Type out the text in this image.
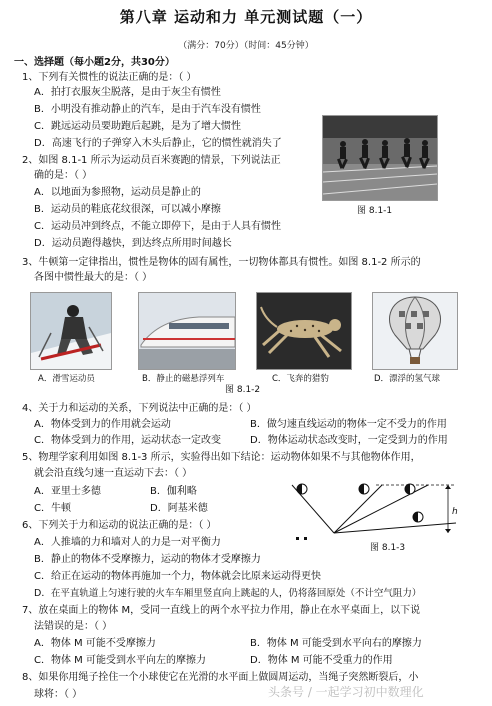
第八章 运动和力 单元测试题（一）
（满分：70分）（时间：45分钟）
一、选择题（每小题2分，共30分）
1、下列有关惯性的说法正确的是：（ ）
A．拍打衣服灰尘脱落，是由于灰尘有惯性
B．小明没有推动静止的汽车，是由于汽车没有惯性
C．跳远运动员要助跑后起跳，是为了增大惯性
D．高速飞行的子弹穿入木头后静止，它的惯性就消失了
图 8.1-1
2、如图 8.1-1 所示为运动员百米赛跑的情景，下列说法正
确的是：（ ）
A．以地面为参照物，运动员是静止的
B．运动员的鞋底花纹很深，可以减小摩擦
C．运动员冲到终点，不能立即停下，是由于人具有惯性
D．运动员跑得越快，到达终点所用时间越长
3、牛顿第一定律指出，惯性是物体的固有属性，一切物体都具有惯性。如图 8.1-2 所示的
各图中惯性最大的是：（ ）
A．滑雪运动员	B．静止的磁悬浮列车	C．飞奔的猎豹	D．漂浮的氢气球
图 8.1-2
4、关于力和运动的关系，下列说法中正确的是：（ ）
A．物体受到力的作用就会运动	B．做匀速直线运动的物体一定不受力的作用
C．物体受到力的作用，运动状态一定改变	D．物体运动状态改变时，一定受到力的作用
5、物理学家利用如图 8.1-3 所示，实验得出如下结论：运动物体如果不与其他物体作用，
就会沿直线匀速一直运动下去：（ ）
A．亚里士多德	B．伽利略
C．牛顿	D．阿基米德	h
图 8.1-3
6、下列关于力和运动的说法正确的是：（ ）
A．人推墙的力和墙对人的力是一对平衡力
B．静止的物体不受摩擦力，运动的物体才受摩擦力
C．给正在运动的物体再施加一个力，物体就会比原来运动得更快
D．在平直轨道上匀速行驶的火车车厢里竖直向上跳起的人，仍将落回原处（不计空气阻力）
7、放在桌面上的物体 M，受同一直线上的两个水平拉力作用，静止在水平桌面上，以下说
法错误的是：（ ）
A．物体 M 可能不受摩擦力	B．物体 M 可能受到水平向右的摩擦力
C．物体 M 可能受到水平向左的摩擦力	D．物体 M 可能不受重力的作用
8、如果你用绳子拴住一个小球使它在光滑的水平面上做圆周运动，当绳子突然断裂后，小
球将：（ ）	头条号 / 一起学习初中数理化
